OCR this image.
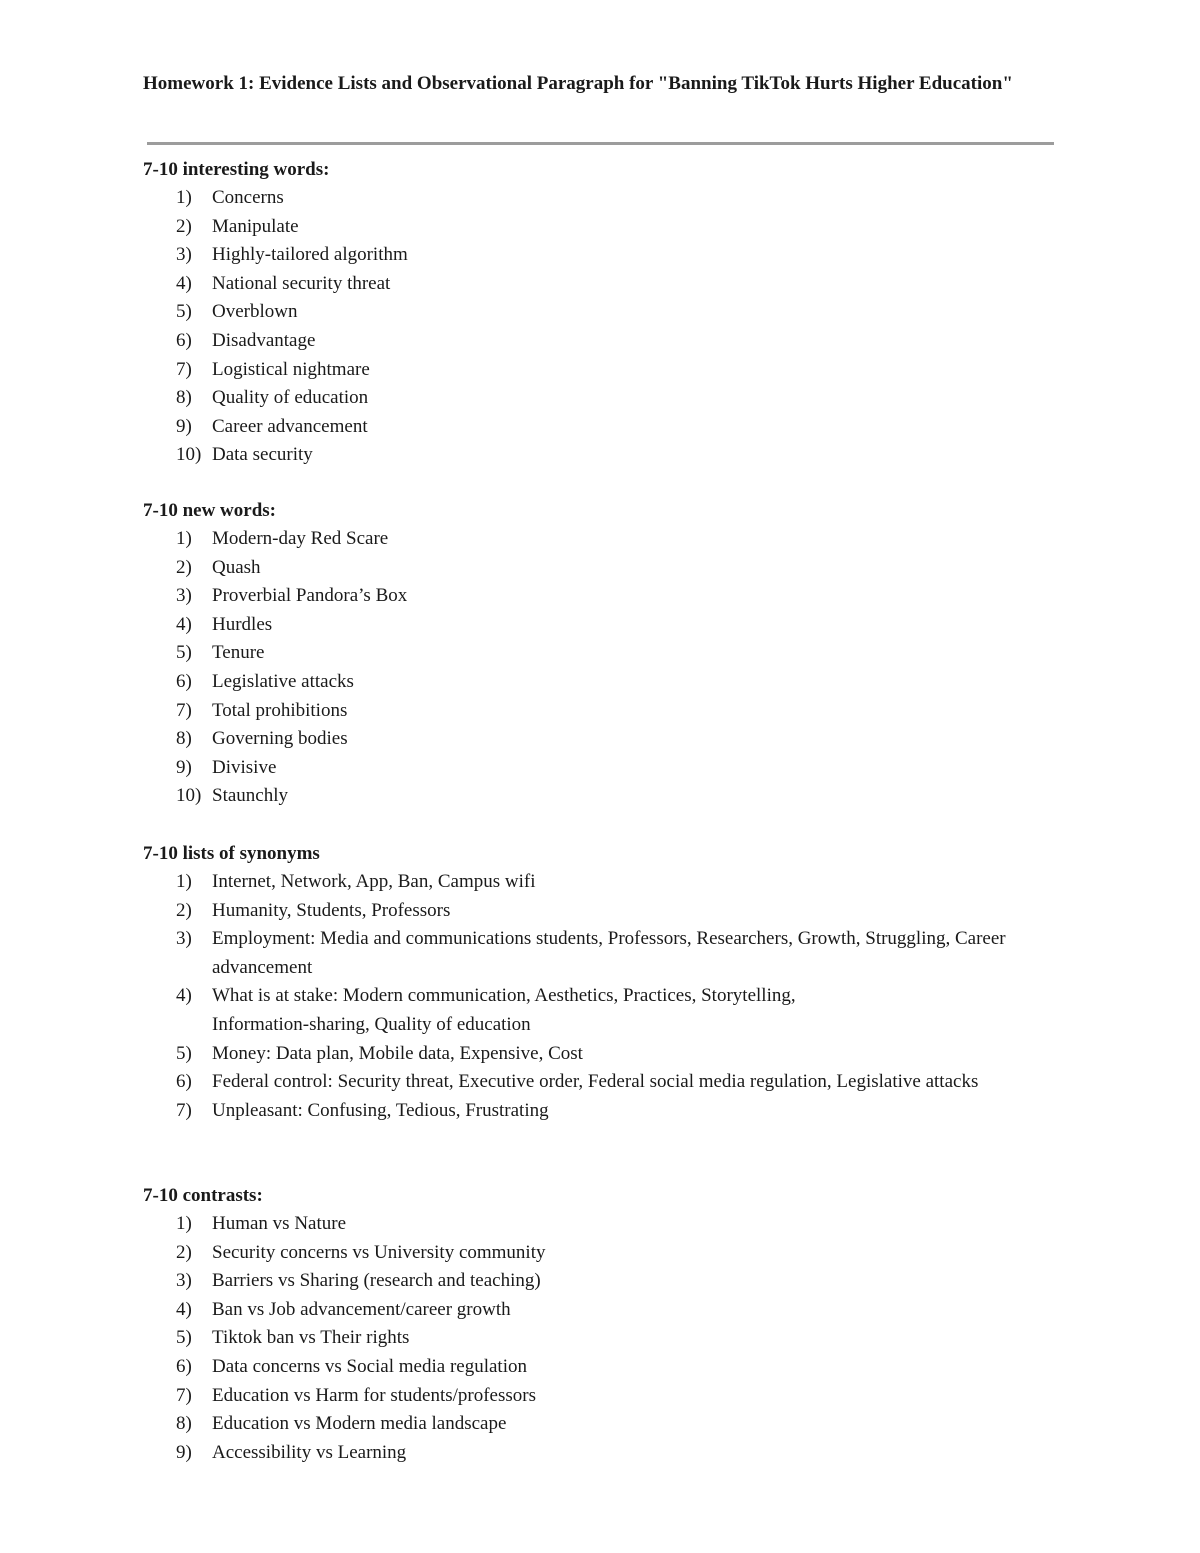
Homework 1: Evidence Lists and Observational Paragraph for "Banning TikTok Hurts Higher Education"
7-10 interesting words:
1)	Concerns
2)	Manipulate
3)	Highly-tailored algorithm
4)	National security threat
5)	Overblown
6)	Disadvantage
7)	Logistical nightmare
8)	Quality of education
9)	Career advancement
10) Data security
7-10 new words:
1)	Modern-day Red Scare
2)	Quash
3)	Proverbial Pandora’s Box
4)	Hurdles
5)	Tenure
6)	Legislative attacks
7)	Total prohibitions
8)	Governing bodies
9)	Divisive
10) Staunchly
7-10 lists of synonyms
1)	Internet, Network, App, Ban, Campus wifi
2)	Humanity, Students, Professors
3)	Employment: Media and communications students, Professors, Researchers, Growth, Struggling, Career advancement
4)	What is at stake: Modern communication, Aesthetics, Practices, Storytelling, Information-sharing, Quality of education
5)	Money: Data plan, Mobile data, Expensive, Cost
6)	Federal control: Security threat, Executive order, Federal social media regulation, Legislative attacks
7)	Unpleasant: Confusing, Tedious, Frustrating
7-10 contrasts:
1)	Human vs Nature
2)	Security concerns vs University community
3)	Barriers vs Sharing (research and teaching)
4)	Ban vs Job advancement/career growth
5)	Tiktok ban vs Their rights
6)	Data concerns vs Social media regulation
7)	Education vs Harm for students/professors
8)	Education vs Modern media landscape
9)	Accessibility vs Learning
